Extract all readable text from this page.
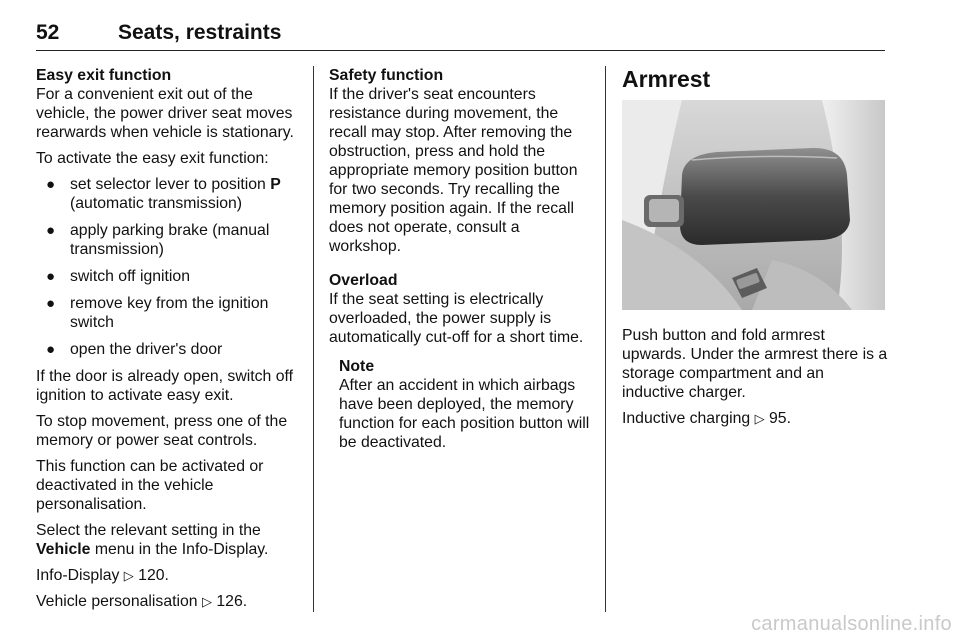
52	Seats, restraints

Easy exit function

For a convenient exit out of the vehicle, the power driver seat moves rearwards when vehicle is stationary.

To activate the easy exit function:

● set selector lever to position P (automatic transmission)
● apply parking brake (manual transmission)
● switch off ignition
● remove key from the ignition switch
● open the driver's door

If the door is already open, switch off ignition to activate easy exit.

To stop movement, press one of the memory or power seat controls.

This function can be activated or deactivated in the vehicle personalisation.

Select the relevant setting in the Vehicle menu in the Info-Display.

Info-Display ▷ 120.

Vehicle personalisation ▷ 126.

Safety function

If the driver's seat encounters resistance during movement, the recall may stop. After removing the obstruction, press and hold the appropriate memory position button for two seconds. Try recalling the memory position again. If the recall does not operate, consult a workshop.

Overload

If the seat setting is electrically overloaded, the power supply is automatically cut-off for a short time.

Note

After an accident in which airbags have been deployed, the memory function for each position button will be deactivated.

Armrest

Push button and fold armrest upwards. Under the armrest there is a storage compartment and an inductive charger.

Inductive charging ▷ 95.

carmanualsonline.info
